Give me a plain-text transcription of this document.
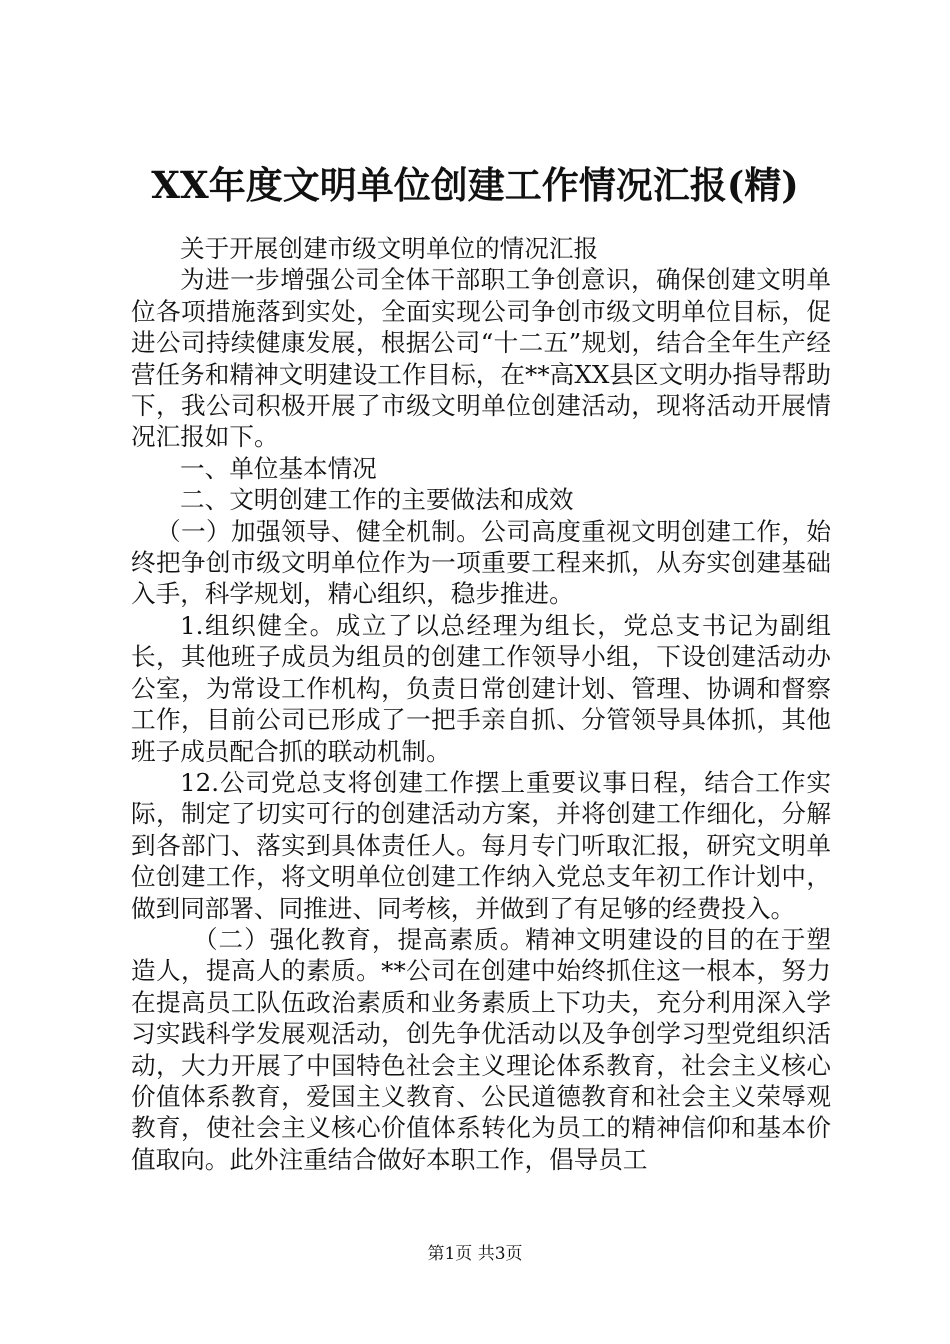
XX年度文明单位创建工作情况汇报(精)

关于开展创建市级文明单位的情况汇报

为进一步增强公司全体干部职工争创意识，确保创建文明单位各项措施落到实处，全面实现公司争创市级文明单位目标，促进公司持续健康发展，根据公司“十二五”规划，结合全年生产经营任务和精神文明建设工作目标，在**高XX县区文明办指导帮助下，我公司积极开展了市级文明单位创建活动，现将活动开展情况汇报如下。

一、单位基本情况

二、文明创建工作的主要做法和成效

（一）加强领导、健全机制。公司高度重视文明创建工作，始终把争创市级文明单位作为一项重要工程来抓，从夯实创建基础入手，科学规划，精心组织，稳步推进。

1.组织健全。成立了以总经理为组长，党总支书记为副组长，其他班子成员为组员的创建工作领导小组，下设创建活动办公室，为常设工作机构，负责日常创建计划、管理、协调和督察工作，目前公司已形成了一把手亲自抓、分管领导具体抓，其他班子成员配合抓的联动机制。

12.公司党总支将创建工作摆上重要议事日程，结合工作实际，制定了切实可行的创建活动方案，并将创建工作细化，分解到各部门、落实到具体责任人。每月专门听取汇报，研究文明单位创建工作，将文明单位创建工作纳入党总支年初工作计划中，做到同部署、同推进、同考核，并做到了有足够的经费投入。

（二）强化教育，提高素质。精神文明建设的目的在于塑造人，提高人的素质。**公司在创建中始终抓住这一根本，努力在提高员工队伍政治素质和业务素质上下功夫，充分利用深入学习实践科学发展观活动，创先争优活动以及争创学习型党组织活动，大力开展了中国特色社会主义理论体系教育，社会主义核心价值体系教育，爱国主义教育、公民道德教育和社会主义荣辱观教育，使社会主义核心价值体系转化为员工的精神信仰和基本价值取向。此外注重结合做好本职工作，倡导员工

第1页 共3页
